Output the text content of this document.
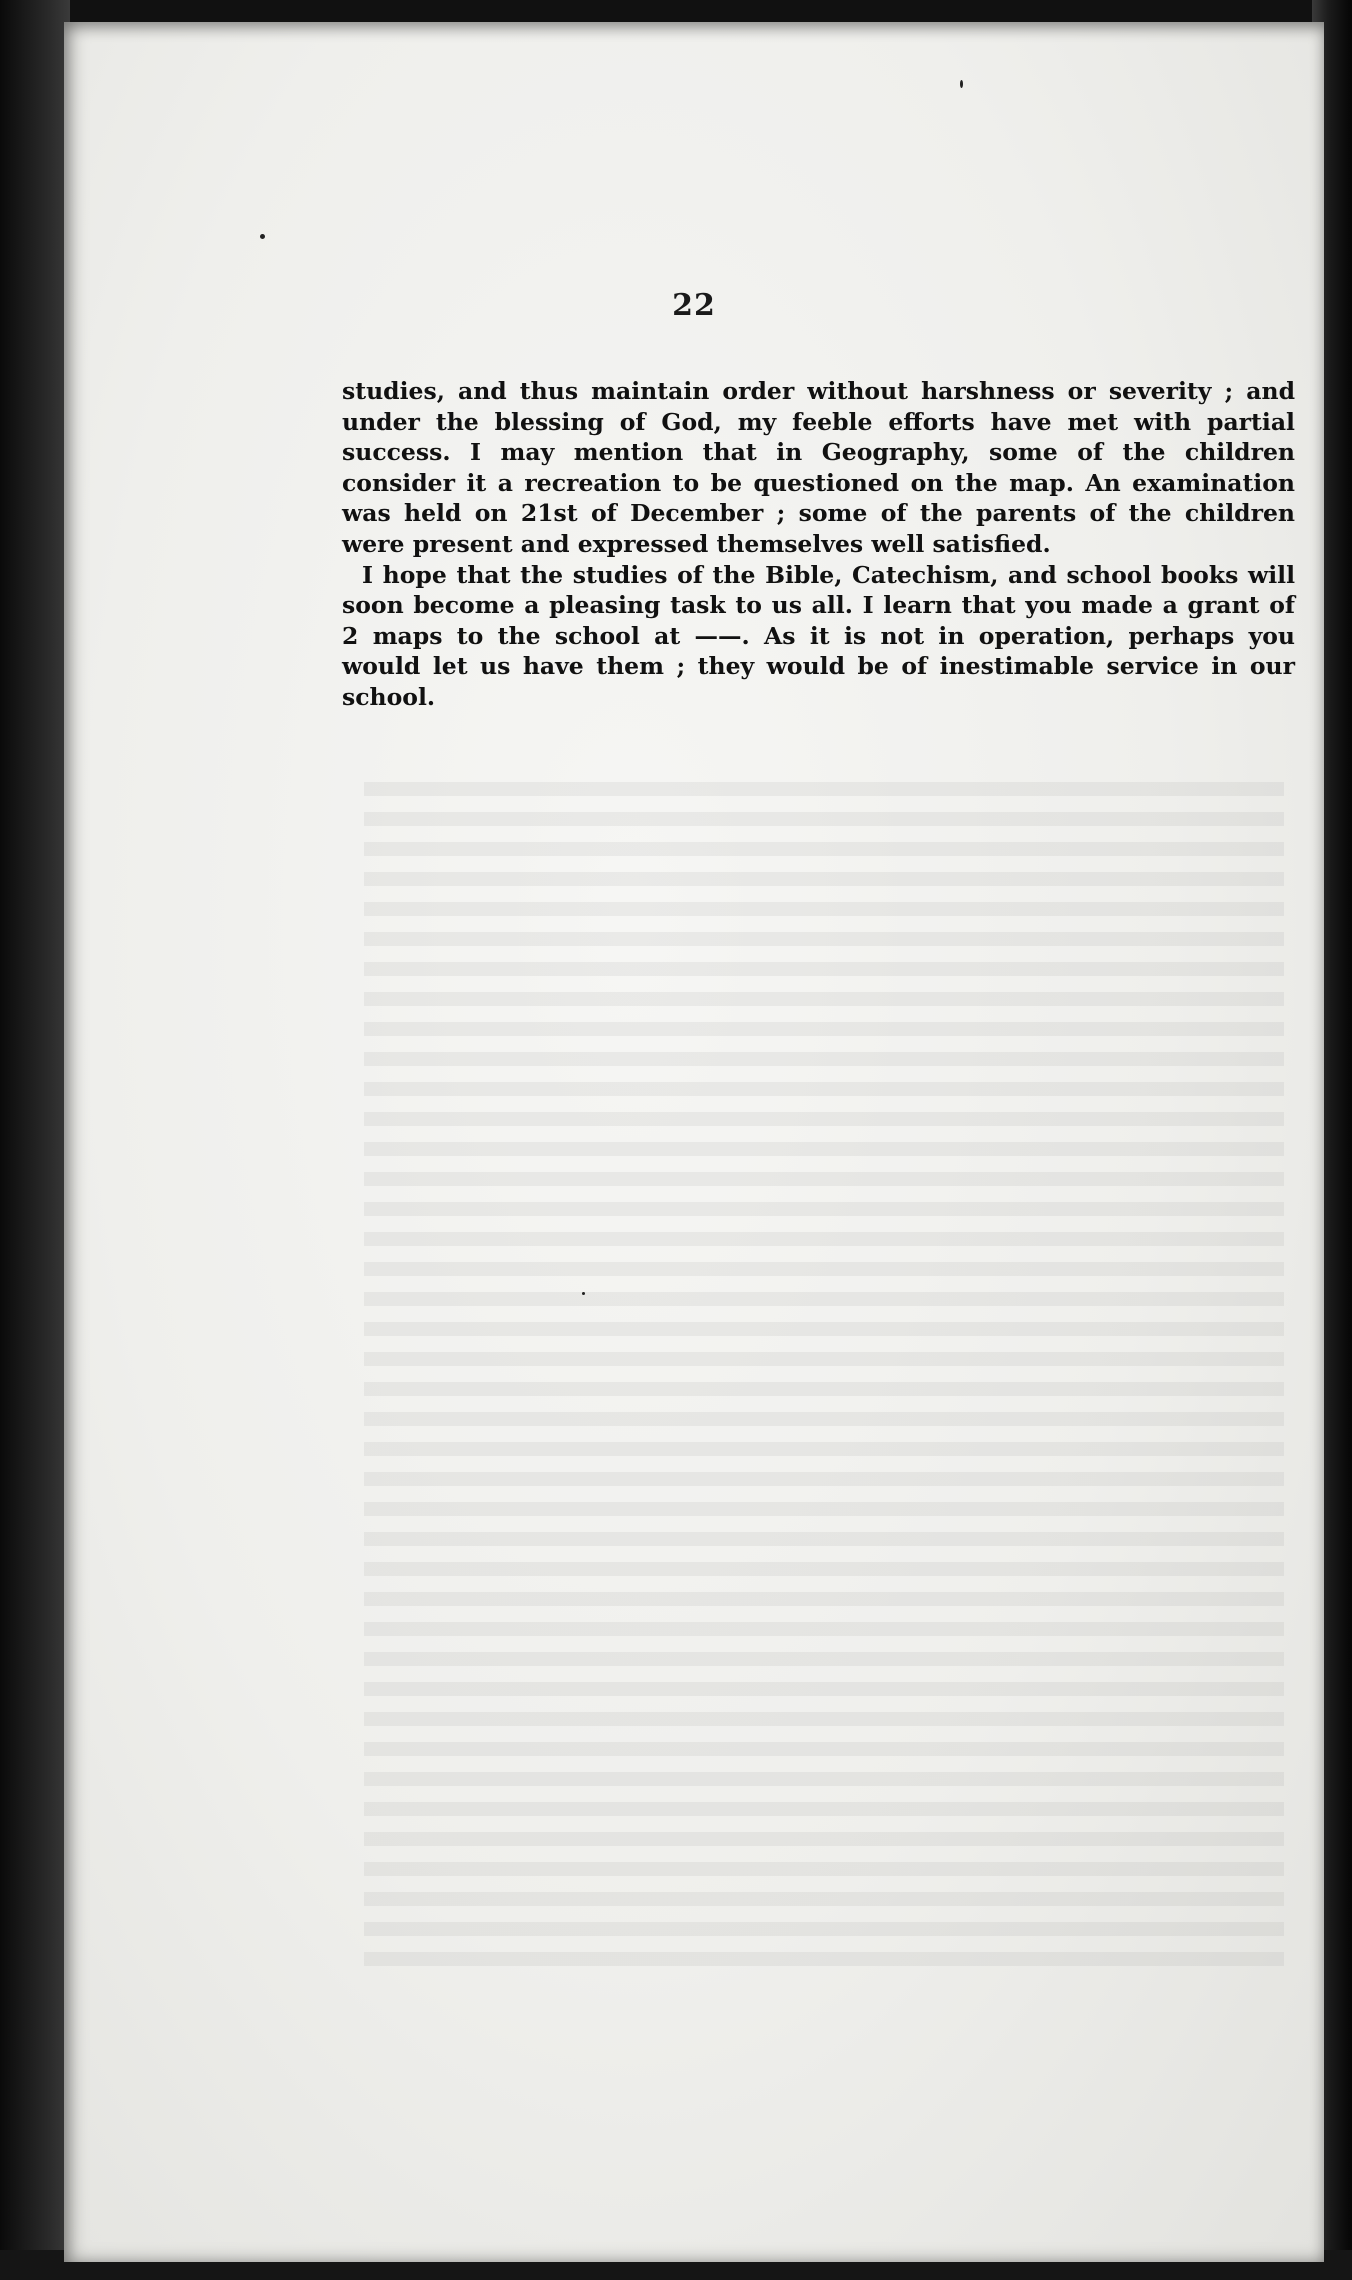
22

studies, and thus maintain order without harshness or severity ; and under the blessing of God, my feeble efforts have met with partial success. I may mention that in Geography, some of the children consider it a recreation to be questioned on the map. An examination was held on 21st of December ; some of the parents of the children were present and expressed themselves well satisfied.

I hope that the studies of the Bible, Catechism, and school books will soon become a pleasing task to us all. I learn that you made a grant of 2 maps to the school at ——. As it is not in operation, perhaps you would let us have them ; they would be of inestimable service in our school.
